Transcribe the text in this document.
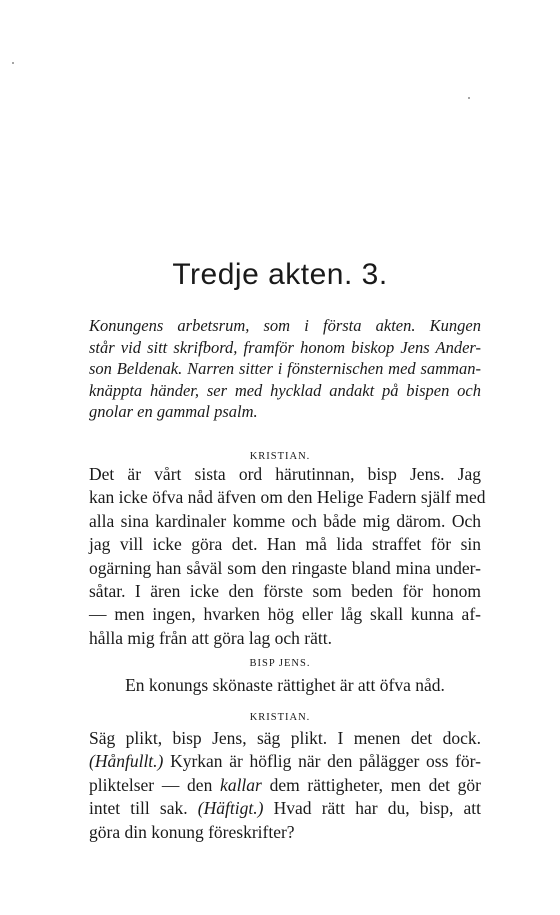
Tredje akten. 3.
Konungens arbetsrum, som i första akten. Kungen
står vid sitt skrifbord, framför honom biskop Jens Ander-
son Beldenak. Narren sitter i fönsternischen med samman-
knäppta händer, ser med hycklad andakt på bispen och
gnolar en gammal psalm.
KRISTIAN.
Det är vårt sista ord härutinnan, bisp Jens. Jag
kan icke öfva nåd äfven om den Helige Fadern själf med
alla sina kardinaler komme och både mig därom. Och
jag vill icke göra det. Han må lida straffet för sin
ogärning han såväl som den ringaste bland mina under-
såtar. I ären icke den förste som beden för honom
— men ingen, hvarken hög eller låg skall kunna af-
hålla mig från att göra lag och rätt.
BISP JENS.
En konungs skönaste rättighet är att öfva nåd.
KRISTIAN.
Säg plikt, bisp Jens, säg plikt. I menen det dock.
(Hånfullt.) Kyrkan är höflig när den pålägger oss för-
pliktelser — den kallar dem rättigheter, men det gör
intet till sak. (Häftigt.) Hvad rätt har du, bisp, att
göra din konung föreskrifter?
